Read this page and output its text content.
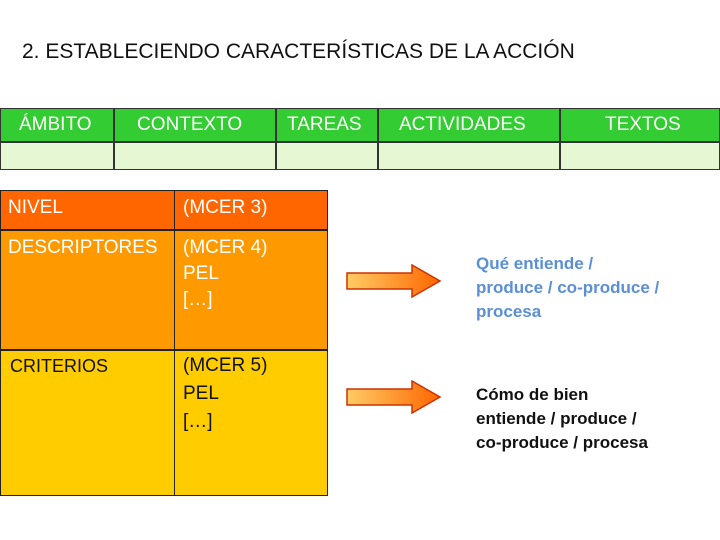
2. ESTABLECIENDO CARACTERÍSTICAS DE LA ACCIÓN
ÁMBITO CONTEXTO TAREAS ACTIVIDADES	TEXTOS
NIVEL	(MCER 3)
DESCRIPTORES (MCER 4)
PEL
[…]
CRITERIOS	(MCER 5)
PEL
[…]
Qué entiende /
produce / co-produce /
procesa
Cómo de bien
entiende / produce /
co-produce / procesa
